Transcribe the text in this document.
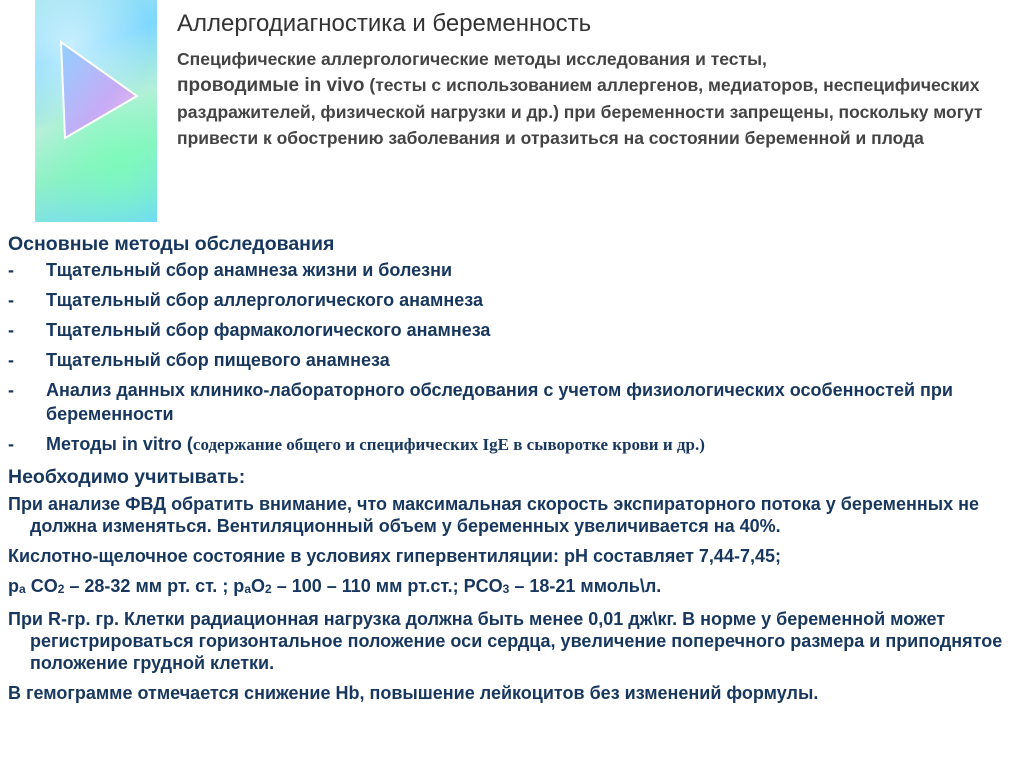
Аллергодиагностика и беременность

Специфические аллергологические методы исследования и тесты,
проводимые in vivo (тесты с использованием аллергенов, медиаторов, неспецифических раздражителей, физической нагрузки и др.) при беременности запрещены, поскольку могут привести к обострению заболевания и отразиться на состоянии беременной и плода

Основные методы обследования
- Тщательный сбор анамнеза жизни и болезни
- Тщательный сбор аллергологического анамнеза
- Тщательный сбор фармакологического анамнеза
- Тщательный сбор пищевого анамнеза
- Анализ данных клинико-лабораторного обследования с учетом физиологических особенностей при беременности
- Методы in vitro (содержание общего и специфических IgE в сыворотке крови и др.)
Необходимо учитывать:

При анализе ФВД обратить внимание, что максимальная скорость экспираторного потока у беременных не должна изменяться. Вентиляционный объем у беременных увеличивается на 40%.

Кислотно-щелочное состояние в условиях гипервентиляции: pH составляет 7,44-7,45;

$p_a$ $CO_2 - 28-32$ мм рт. ст. ; $p_aO_2 - 100 - 110$ мм рт.ст.; $PCO_3 - 18-21$ ммоль\л.

При R-гр. гр. Клетки радиационная нагрузка должна быть менее 0,01 дж\кг. В норме у беременной может регистрироваться горизонтальное положение оси сердца, увеличение поперечного размера и приподнятое положение грудной клетки.

В гемограмме отмечается снижение Hb, повышение лейкоцитов без изменений формулы.
